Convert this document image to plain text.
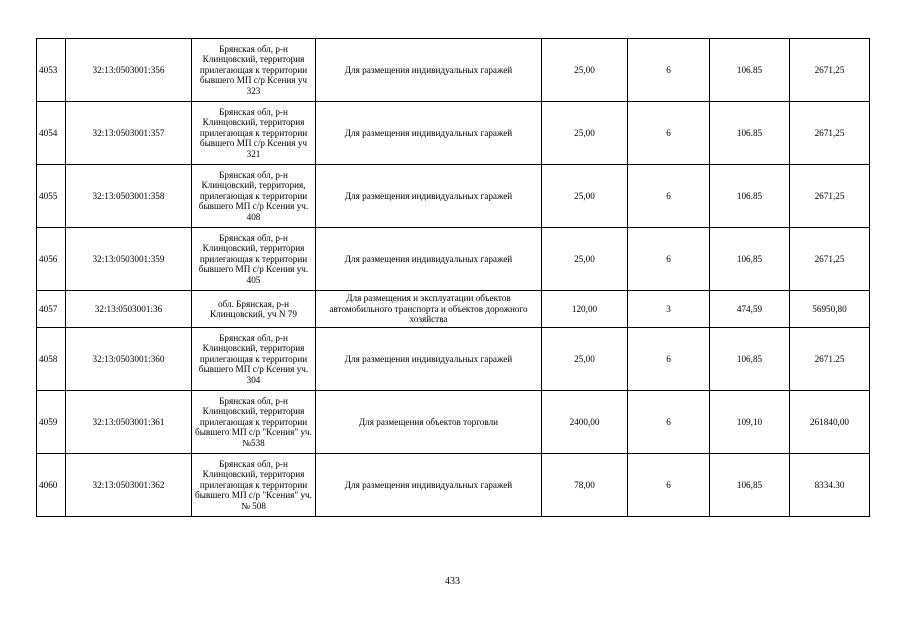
4053	32:13:0503001:356	Брянская обл, р-н Клинцовский, территория прилегающая к территории бывшего МП с/р Ксения уч 323	Для размещения индивидуальных гаражей	25,00	6	106.85	2671,25
4054	32:13:0503001:357	Брянская обл, р-н Клинцовский, территория прилегающая к территории бывшего МП с/р Ксения уч 321	Для размещения индивидуальных гаражей	25,00	6	106.85	2671,25
4055	32:13:0503001:358	Брянская обл, р-н Клинцовский, территория, прилегающая к территории бывшего МП с/р Ксения уч. 408	Для размещения индивидуальных гаражей	25,00	6	106.85	2671,25
4056	32:13:0503001:359	Брянская обл, р-н Клинцовский, территория прилегающая к территории бывшего МП с/р Ксения уч. 405	Для размещения индивидуальных гаражей	25,00	6	106,85	2671,25
4057	32:13:0503001:36	обл. Брянская, р-н Клинцовский, уч N 79	Для размещения и эксплуатации объектов автомобильного транспорта и объектов дорожного хозяйства	120,00	3	474,59	56950,80
4058	32:13:0503001:360	Брянская обл, р-н Клинцовский, территория прилегающая к территории бывшего МП с/р Ксения уч. 304	Для размещения индивидуальных гаражей	25,00	6	106,85	2671.25
4059	32:13:0503001:361	Брянская обл, р-н Клинцовский, территория прилегающая к территории бывшего МП с/р "Ксения" уч. №538	Для размещения объектов торговли	2400,00	6	109,10	261840,00
4060	32:13:0503001:362	Брянская обл, р-н Клинцовский, территория прилегающая к территории бывшего МП с/р "Ксения" уч. № 508	Для размещения индивидуальных гаражей	78,00	6	106,85	8334.30
433
